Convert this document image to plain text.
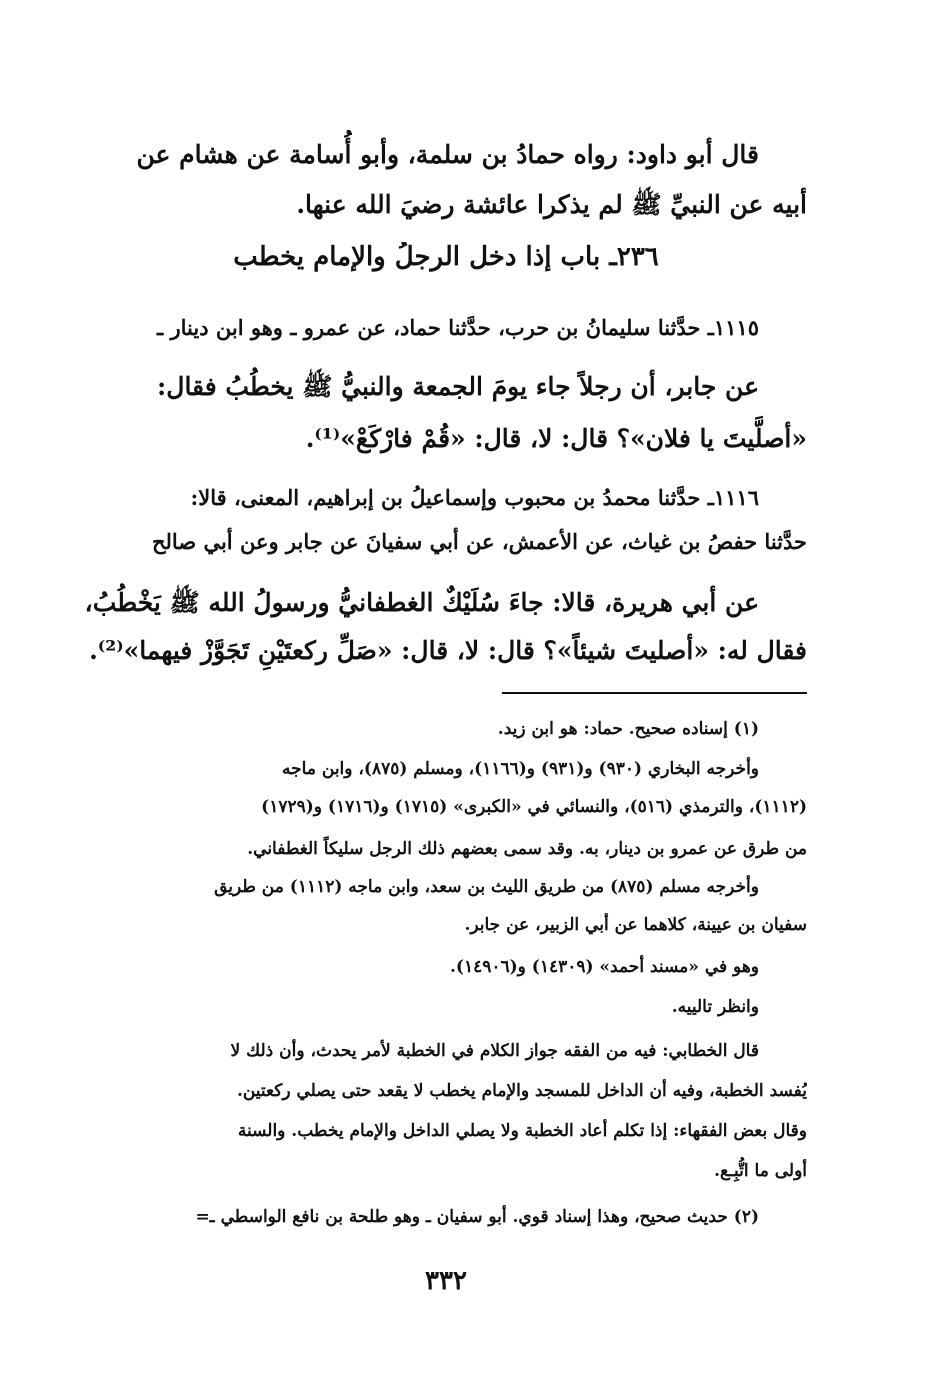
قال أبو داود: رواه حمادُ بن سلمة، وأبو أُسامة عن هشام عن
أبيه عن النبيِّ ﷺ لم يذكرا عائشة رضيَ الله عنها.
٢٣٦ـ باب إذا دخل الرجلُ والإمام يخطب
١١١٥ـ حدَّثنا سليمانُ بن حرب، حدَّثنا حماد، عن عمرو ـ وهو ابن دينار ـ
عن جابر، أن رجلاً جاء يومَ الجمعة والنبيُّ ﷺ يخطُبُ فقال:
«أصلَّيتَ يا فلان»؟ قال: لا، قال: «قُمْ فارْكَعْ»⁽¹⁾.
١١١٦ـ حدَّثنا محمدُ بن محبوب وإسماعيلُ بن إبراهيم، المعنى، قالا:
حدَّثنا حفصُ بن غياث، عن الأعمش، عن أبي سفيانَ عن جابر وعن أبي صالح
عن أبي هريرة، قالا: جاءَ سُلَيْكٌ الغطفانيُّ ورسولُ الله ﷺ يَخْطُبُ،
فقال له: «أصليتَ شيئاً»؟ قال: لا، قال: «صَلِّ ركعتَيْنِ تَجَوَّزْ فيهما»⁽²⁾.
(١) إسناده صحيح. حماد: هو ابن زيد.
وأخرجه البخاري (٩٣٠) و(٩٣١) و(١١٦٦)، ومسلم (٨٧٥)، وابن ماجه
(١١١٢)، والترمذي (٥١٦)، والنسائي في «الكبرى» (١٧١٥) و(١٧١٦) و(١٧٢٩)
من طرق عن عمرو بن دينار، به. وقد سمى بعضهم ذلك الرجل سليكاً الغطفاني.
وأخرجه مسلم (٨٧٥) من طريق الليث بن سعد، وابن ماجه (١١١٢) من طريق
سفيان بن عيينة، كلاهما عن أبي الزبير، عن جابر.
وهو في «مسند أحمد» (١٤٣٠٩) و(١٤٩٠٦).
وانظر تالييه.
قال الخطابي: فيه من الفقه جواز الكلام في الخطبة لأمر يحدث، وأن ذلك لا
يُفسد الخطبة، وفيه أن الداخل للمسجد والإمام يخطب لا يقعد حتى يصلي ركعتين.
وقال بعض الفقهاء: إذا تكلم أعاد الخطبة ولا يصلي الداخل والإمام يخطب. والسنة
أولى ما اتُّبِـع.
(٢) حديث صحيح، وهذا إسناد قوي. أبو سفيان ـ وهو طلحة بن نافع الواسطي ـ=
٣٣٢
